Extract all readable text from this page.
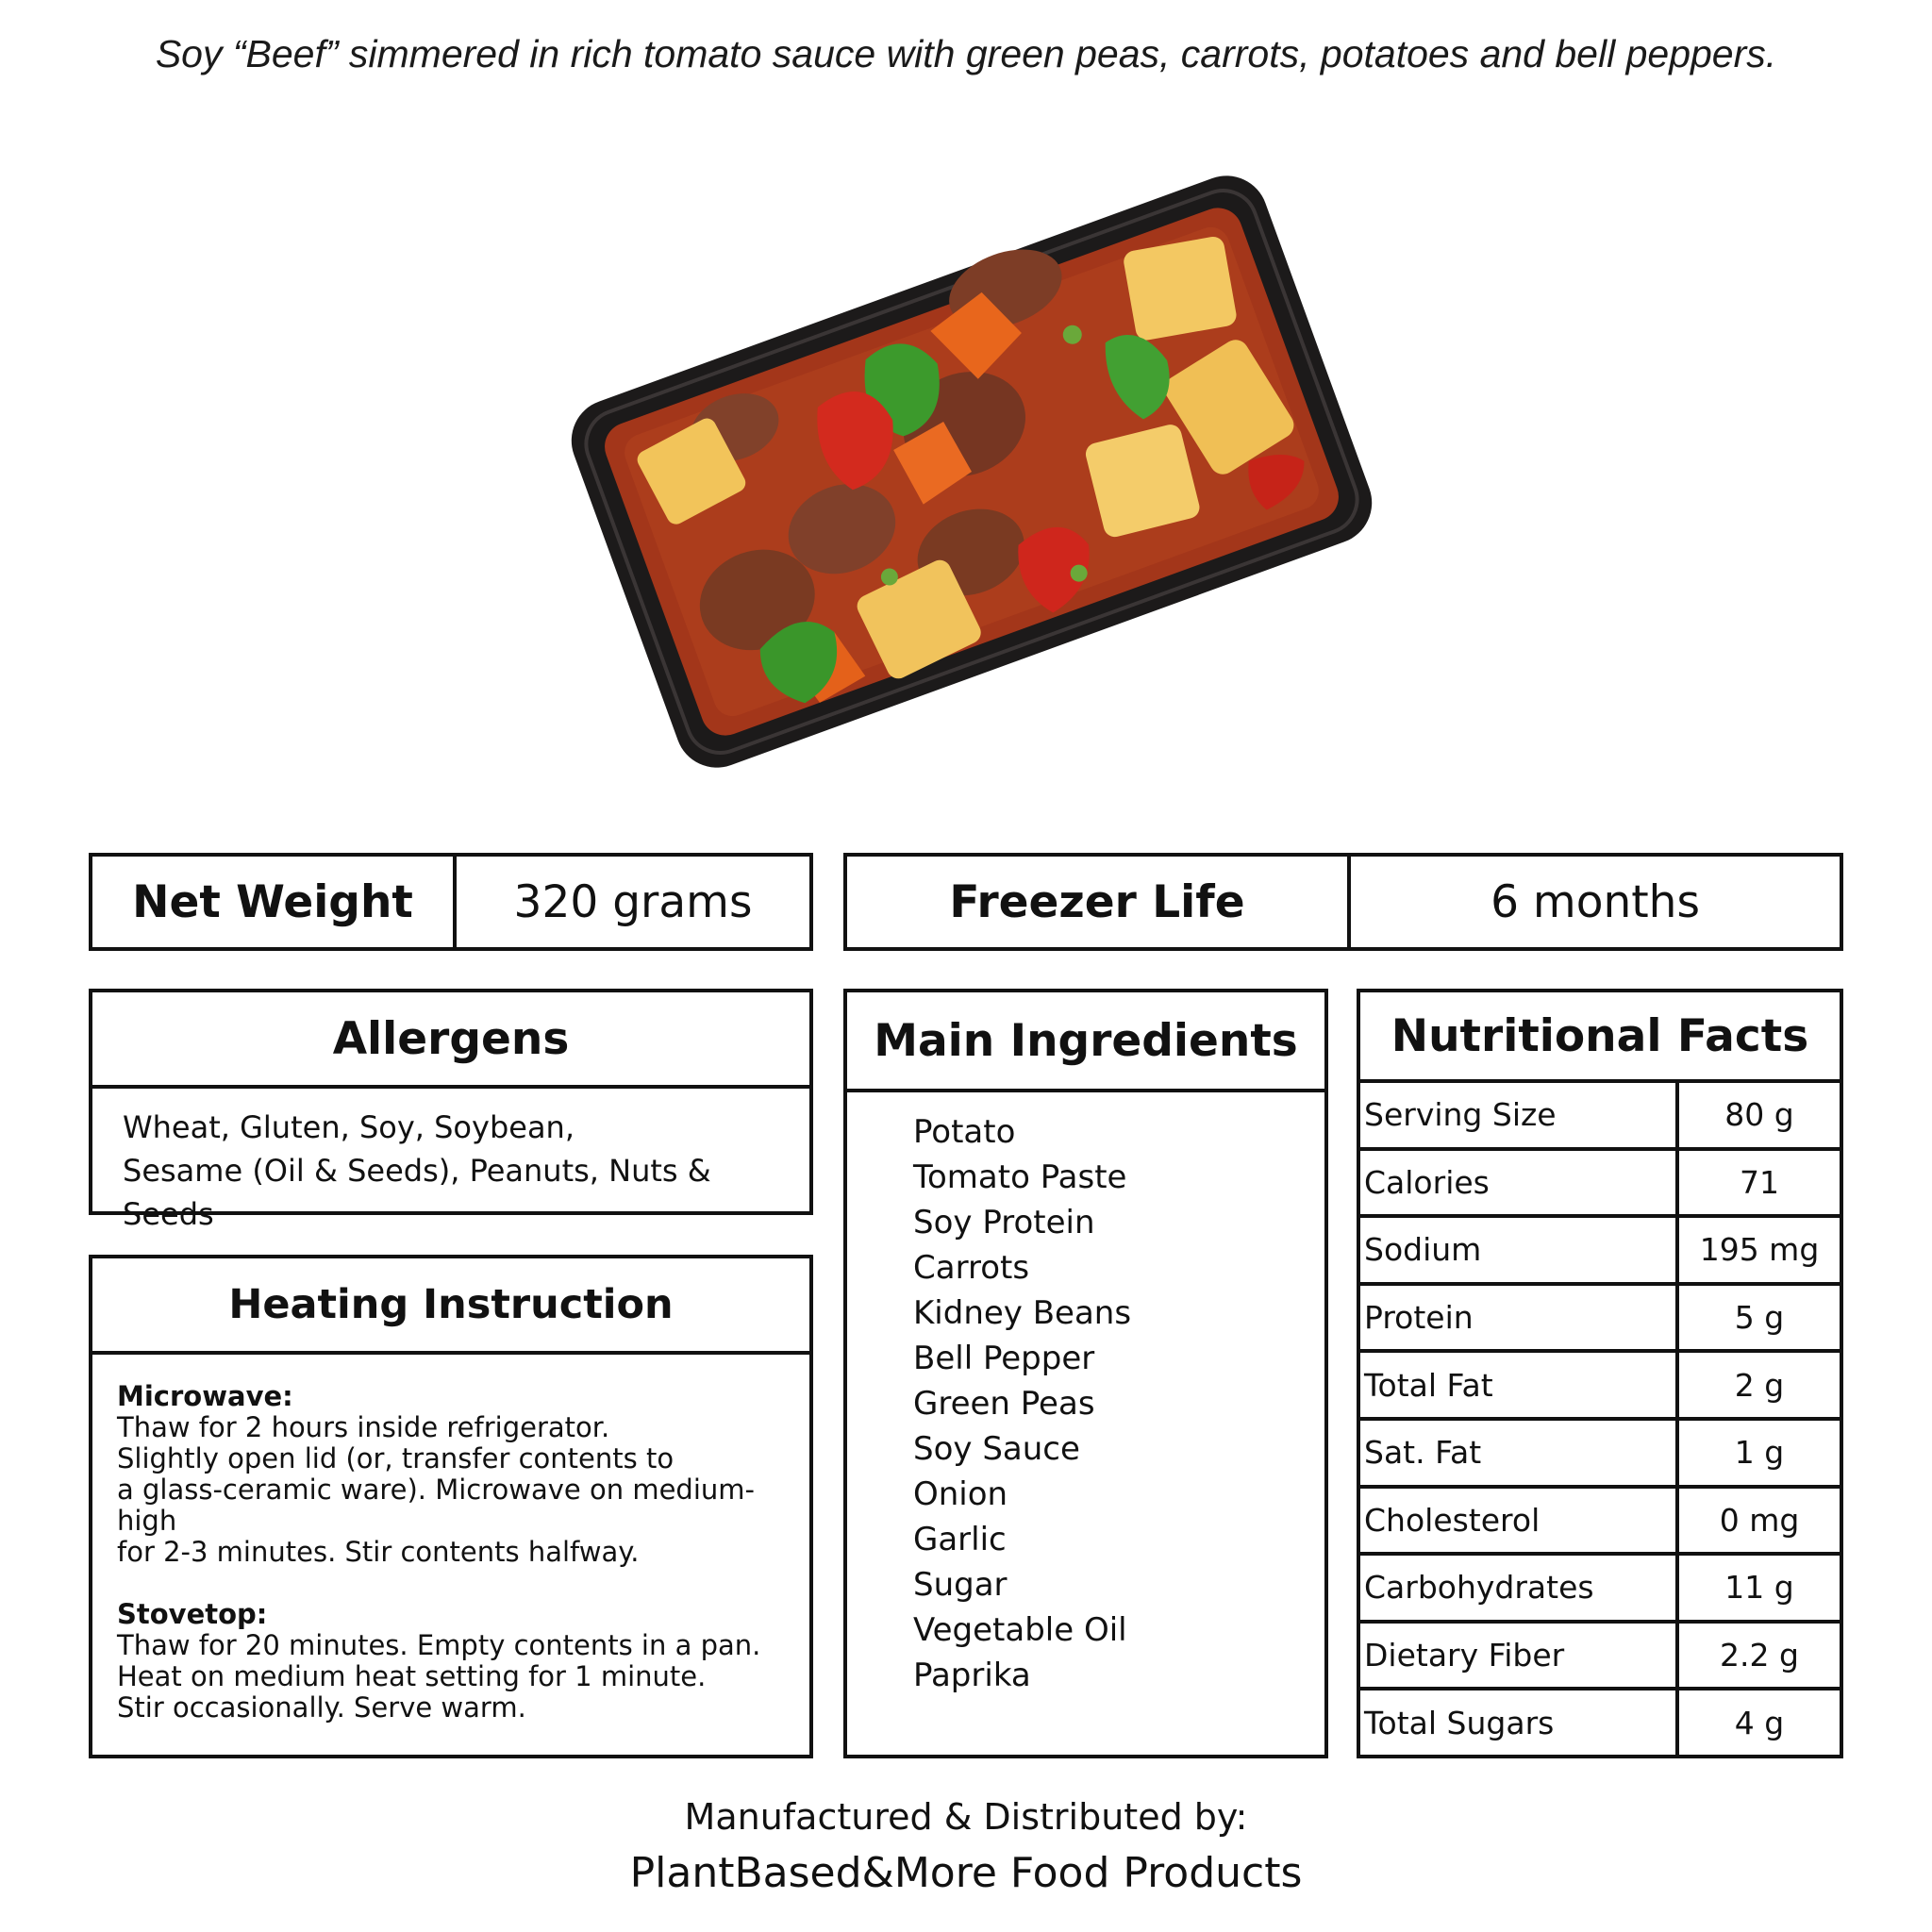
Soy “Beef” simmered in rich tomato sauce with green peas, carrots, potatoes and bell peppers.
Net Weight	320 grams	Freezer Life	6 months
Allergens
Wheat, Gluten, Soy, Soybean,
Sesame (Oil & Seeds), Peanuts, Nuts & Seeds
Heating Instruction
Microwave:
Thaw for 2 hours inside refrigerator.
Slightly open lid (or, transfer contents to
a glass-ceramic ware). Microwave on medium-high
for 2-3 minutes. Stir contents halfway.
Stovetop:
Thaw for 20 minutes. Empty contents in a pan.
Heat on medium heat setting for 1 minute.
Stir occasionally. Serve warm.
Main Ingredients
Potato
Tomato Paste
Soy Protein
Carrots
Kidney Beans
Bell Pepper
Green Peas
Soy Sauce
Onion
Garlic
Sugar
Vegetable Oil
Paprika
Nutritional Facts
Serving Size	80 g
Calories	71
Sodium	195 mg
Protein	5 g
Total Fat	2 g
Sat. Fat	1 g
Cholesterol	0 mg
Carbohydrates	11 g
Dietary Fiber	2.2 g
Total Sugars	4 g
Manufactured & Distributed by:
PlantBased&More Food Products
